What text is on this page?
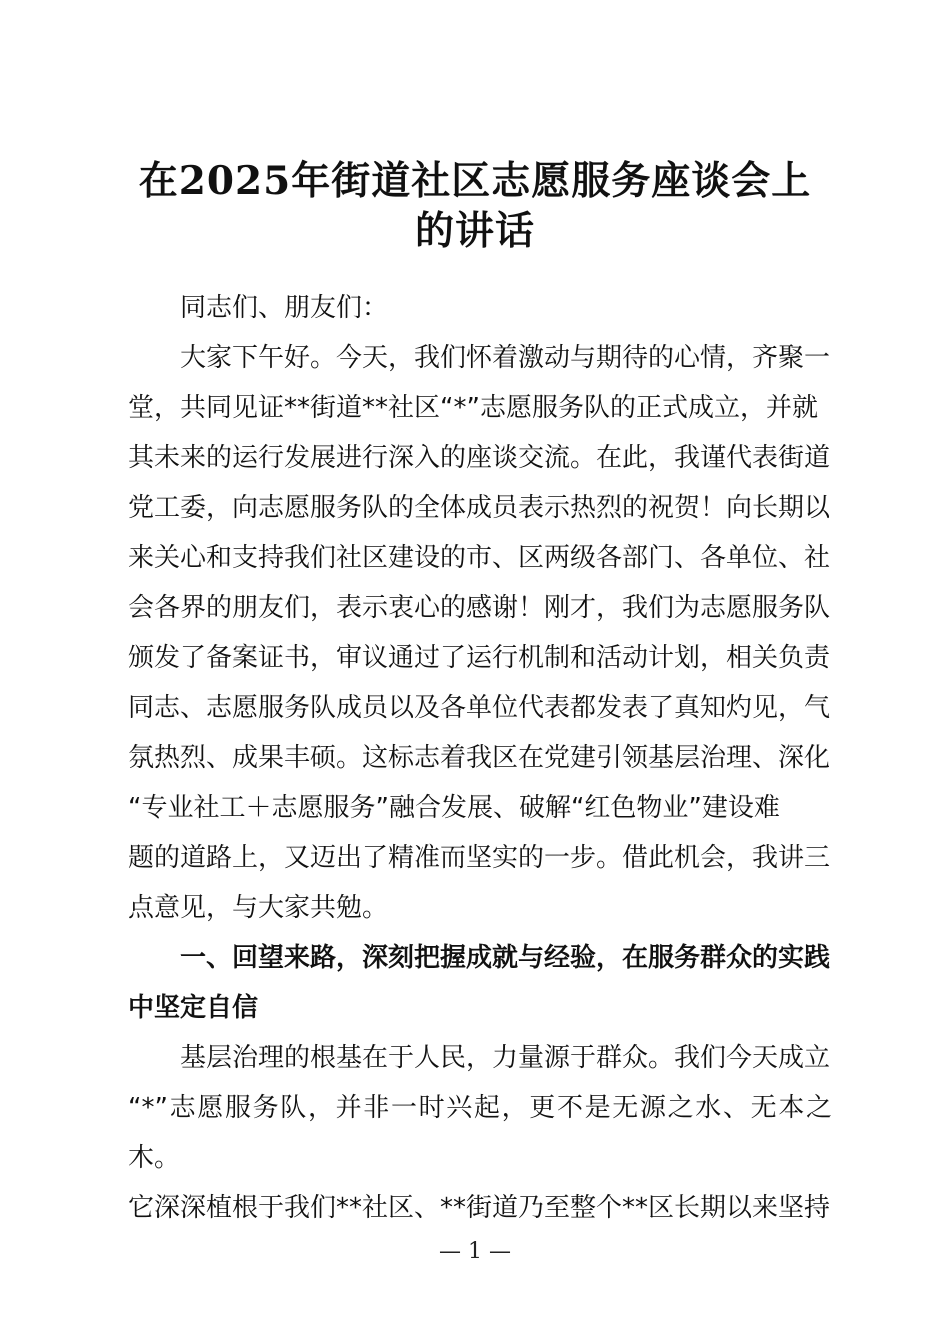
在2025年街道社区志愿服务座谈会上
的讲话

同志们、朋友们：

大家下午好。今天，我们怀着激动与期待的心情，齐聚一
堂，共同见证**街道**社区“*”志愿服务队的正式成立，并就
其未来的运行发展进行深入的座谈交流。在此，我谨代表街道
党工委，向志愿服务队的全体成员表示热烈的祝贺！向长期以
来关心和支持我们社区建设的市、区两级各部门、各单位、社
会各界的朋友们，表示衷心的感谢！刚才，我们为志愿服务队
颁发了备案证书，审议通过了运行机制和活动计划，相关负责
同志、志愿服务队成员以及各单位代表都发表了真知灼见，气
氛热烈、成果丰硕。这标志着我区在党建引领基层治理、深化
“专业社工＋志愿服务”融合发展、破解“红色物业”建设难
题的道路上，又迈出了精准而坚实的一步。借此机会，我讲三
点意见，与大家共勉。

一、回望来路，深刻把握成就与经验，在服务群众的实践
中坚定自信

基层治理的根基在于人民，力量源于群众。我们今天成立
“*”志愿服务队，并非一时兴起，更不是无源之水、无本之木。
它深深植根于我们**社区、**街道乃至整个**区长期以来坚持

— 1 —
